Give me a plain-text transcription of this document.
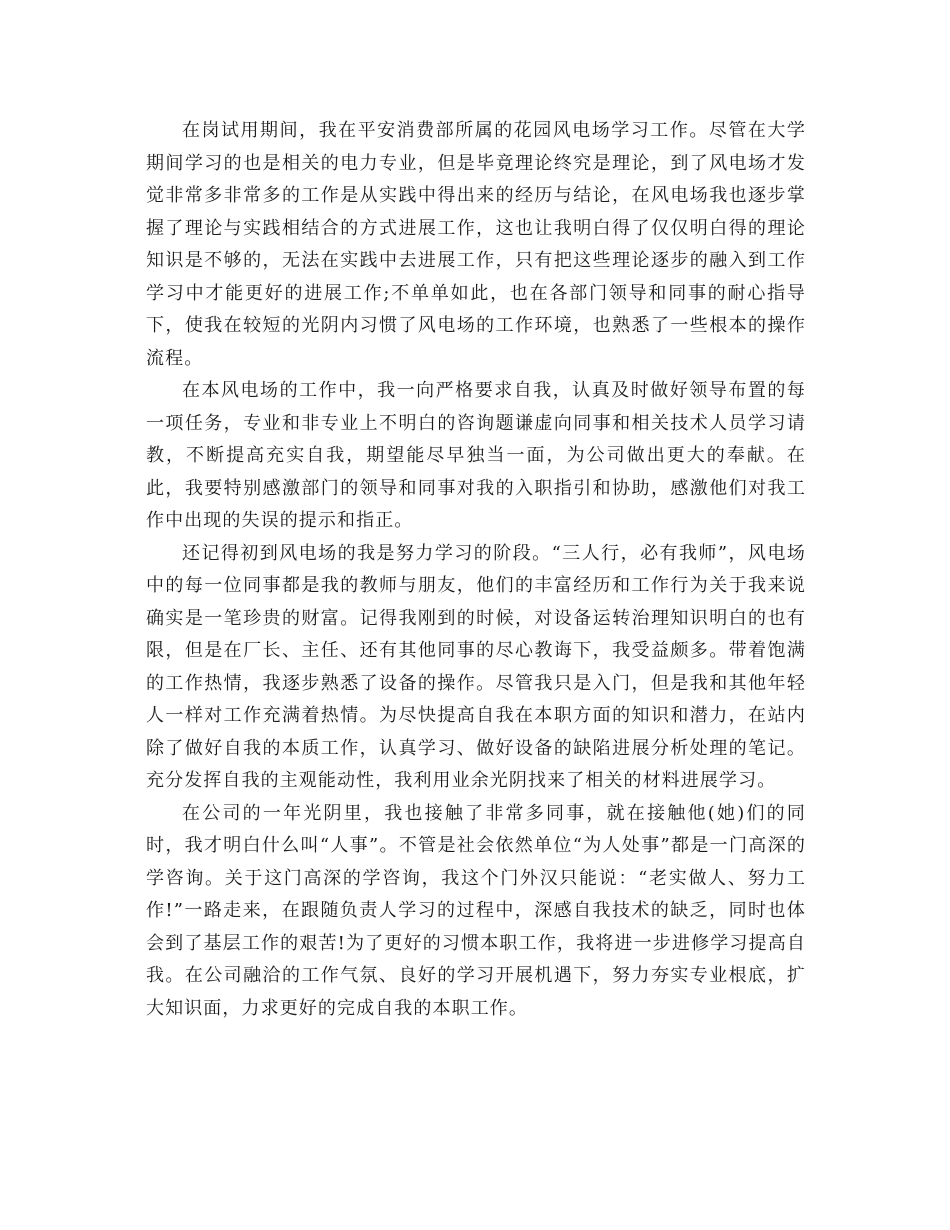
在岗试用期间，我在平安消费部所属的花园风电场学习工作。尽管在大学期间学习的也是相关的电力专业，但是毕竟理论终究是理论，到了风电场才发觉非常多非常多的工作是从实践中得出来的经历与结论，在风电场我也逐步掌握了理论与实践相结合的方式进展工作，这也让我明白得了仅仅明白得的理论知识是不够的，无法在实践中去进展工作，只有把这些理论逐步的融入到工作学习中才能更好的进展工作;不单单如此，也在各部门领导和同事的耐心指导下，使我在较短的光阴内习惯了风电场的工作环境，也熟悉了一些根本的操作流程。

在本风电场的工作中，我一向严格要求自我，认真及时做好领导布置的每一项任务，专业和非专业上不明白的咨询题谦虚向同事和相关技术人员学习请教，不断提高充实自我，期望能尽早独当一面，为公司做出更大的奉献。在此，我要特别感激部门的领导和同事对我的入职指引和协助，感激他们对我工作中出现的失误的提示和指正。

还记得初到风电场的我是努力学习的阶段。“三人行，必有我师”，风电场中的每一位同事都是我的教师与朋友，他们的丰富经历和工作行为关于我来说确实是一笔珍贵的财富。记得我刚到的时候，对设备运转治理知识明白的也有限，但是在厂长、主任、还有其他同事的尽心教诲下，我受益颇多。带着饱满的工作热情，我逐步熟悉了设备的操作。尽管我只是入门，但是我和其他年轻人一样对工作充满着热情。为尽快提高自我在本职方面的知识和潜力，在站内除了做好自我的本质工作，认真学习、做好设备的缺陷进展分析处理的笔记。充分发挥自我的主观能动性，我利用业余光阴找来了相关的材料进展学习。

在公司的一年光阴里，我也接触了非常多同事，就在接触他(她)们的同时，我才明白什么叫“人事”。不管是社会依然单位“为人处事”都是一门高深的学咨询。关于这门高深的学咨询，我这个门外汉只能说：“老实做人、努力工作!”一路走来，在跟随负责人学习的过程中，深感自我技术的缺乏，同时也体会到了基层工作的艰苦!为了更好的习惯本职工作，我将进一步进修学习提高自我。在公司融洽的工作气氛、良好的学习开展机遇下，努力夯实专业根底，扩大知识面，力求更好的完成自我的本职工作。
